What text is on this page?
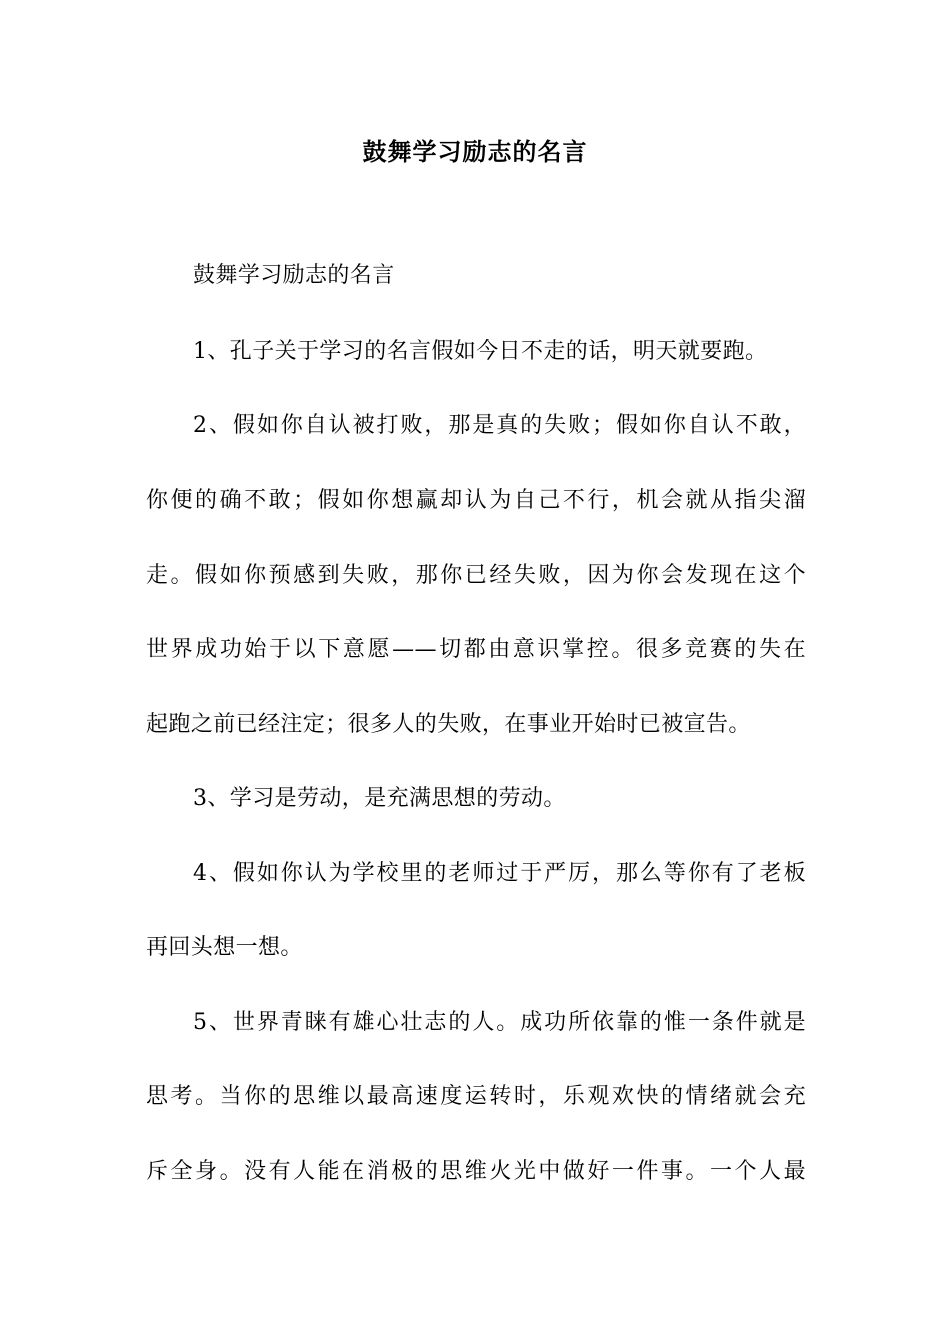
鼓舞学习励志的名言
鼓舞学习励志的名言
1、孔子关于学习的名言假如今日不走的话，明天就要跑。
2、假如你自认被打败，那是真的失败；假如你自认不敢，
你便的确不敢；假如你想赢却认为自己不行，机会就从指尖溜
走。假如你预感到失败，那你已经失败，因为你会发现在这个
世界成功始于以下意愿——切都由意识掌控。很多竞赛的失在
起跑之前已经注定；很多人的失败，在事业开始时已被宣告。
3、学习是劳动，是充满思想的劳动。
4、假如你认为学校里的老师过于严厉，那么等你有了老板
再回头想一想。
5、世界青睐有雄心壮志的人。成功所依靠的惟一条件就是
思考。当你的思维以最高速度运转时，乐观欢快的情绪就会充
斥全身。没有人能在消极的思维火光中做好一件事。一个人最
